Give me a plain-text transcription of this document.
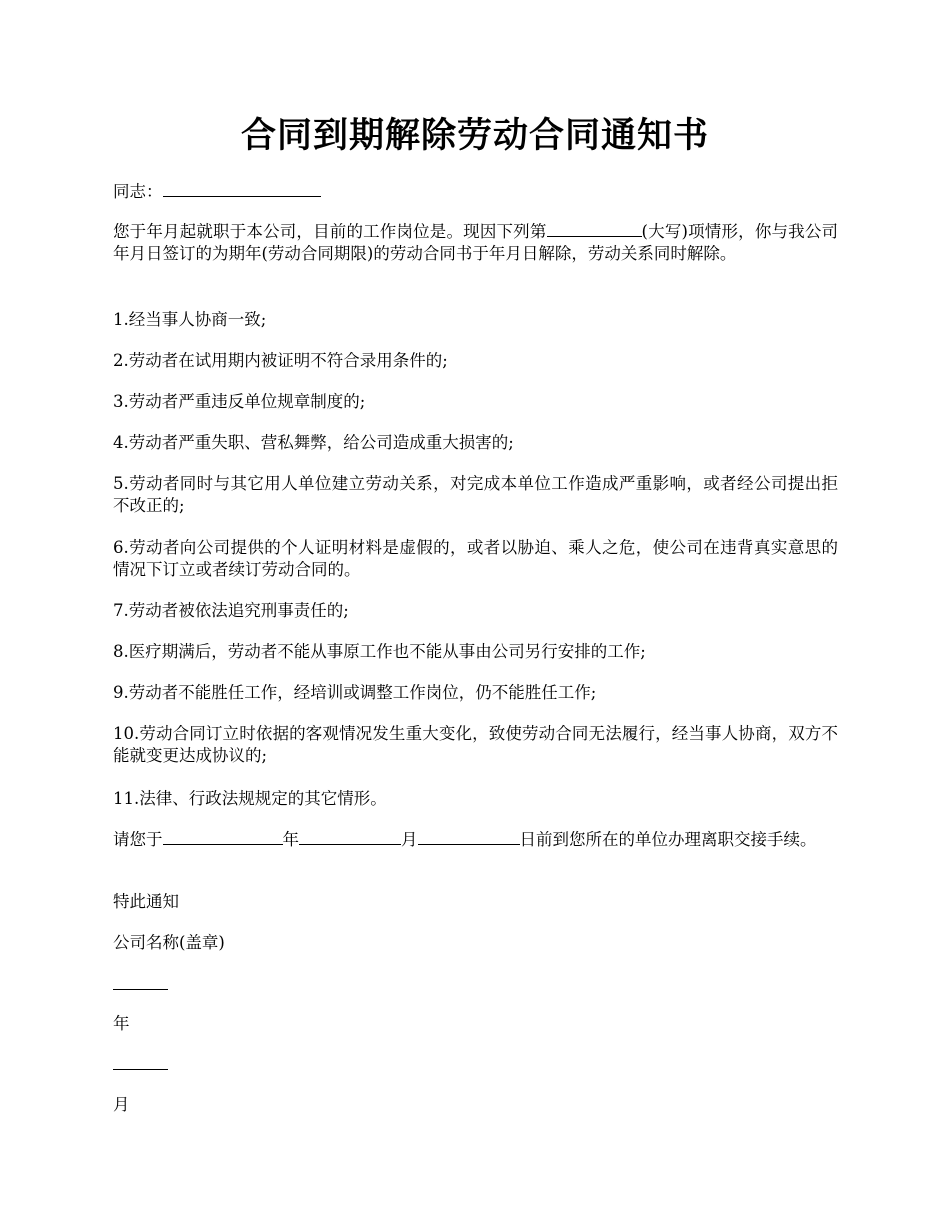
合同到期解除劳动合同通知书
同志：
您于年月起就职于本公司，目前的工作岗位是。现因下列第	(大写)项情形，你与我公司年月日签订的为期年(劳动合同期限)的劳动合同书于年月日解除，劳动关系同时解除。
1.经当事人协商一致;
2.劳动者在试用期内被证明不符合录用条件的;
3.劳动者严重违反单位规章制度的;
4.劳动者严重失职、营私舞弊，给公司造成重大损害的;
5.劳动者同时与其它用人单位建立劳动关系，对完成本单位工作造成严重影响，或者经公司提出拒不改正的;
6.劳动者向公司提供的个人证明材料是虚假的，或者以胁迫、乘人之危，使公司在违背真实意思的情况下订立或者续订劳动合同的。
7.劳动者被依法追究刑事责任的;
8.医疗期满后，劳动者不能从事原工作也不能从事由公司另行安排的工作;
9.劳动者不能胜任工作，经培训或调整工作岗位，仍不能胜任工作;
10.劳动合同订立时依据的客观情况发生重大变化，致使劳动合同无法履行，经当事人协商，双方不能就变更达成协议的;
11.法律、行政法规规定的其它情形。
请您于	年	月	日前到您所在的单位办理离职交接手续。
特此通知
公司名称(盖章)
年
月
